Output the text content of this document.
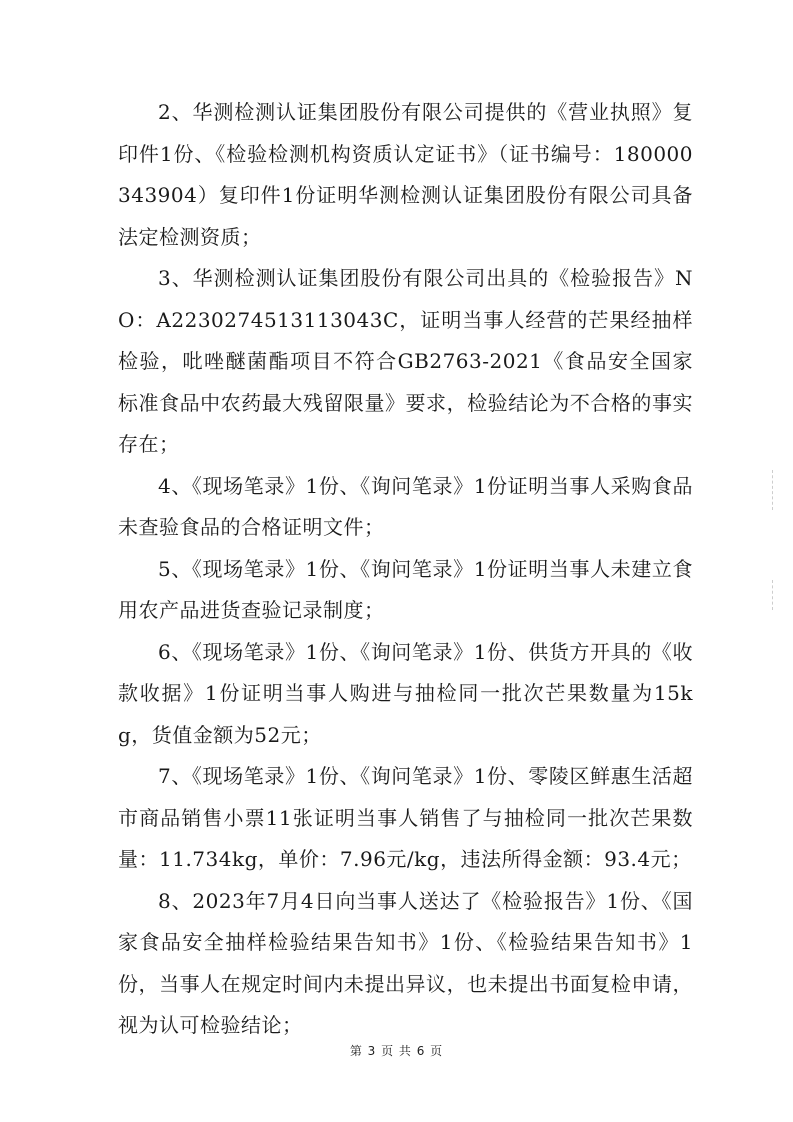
2、华测检测认证集团股份有限公司提供的《营业执照》复印件1份、《检验检测机构资质认定证书》（证书编号：180000343904）复印件1份证明华测检测认证集团股份有限公司具备法定检测资质；

3、华测检测认证集团股份有限公司出具的《检验报告》NO：A2230274513113043C，证明当事人经营的芒果经抽样检验，吡唑醚菌酯项目不符合GB2763-2021《食品安全国家标准食品中农药最大残留限量》要求，检验结论为不合格的事实存在；

4、《现场笔录》1份、《询问笔录》1份证明当事人采购食品未查验食品的合格证明文件；

5、《现场笔录》1份、《询问笔录》1份证明当事人未建立食用农产品进货查验记录制度；

6、《现场笔录》1份、《询问笔录》1份、供货方开具的《收款收据》1份证明当事人购进与抽检同一批次芒果数量为15kg，货值金额为52元；

7、《现场笔录》1份、《询问笔录》1份、零陵区鲜惠生活超市商品销售小票11张证明当事人销售了与抽检同一批次芒果数量：11.734kg，单价：7.96元/kg，违法所得金额：93.4元；

8、2023年7月4日向当事人送达了《检验报告》1份、《国家食品安全抽样检验结果告知书》1份、《检验结果告知书》1份，当事人在规定时间内未提出异议，也未提出书面复检申请，视为认可检验结论；

第 3 页 共 6 页
